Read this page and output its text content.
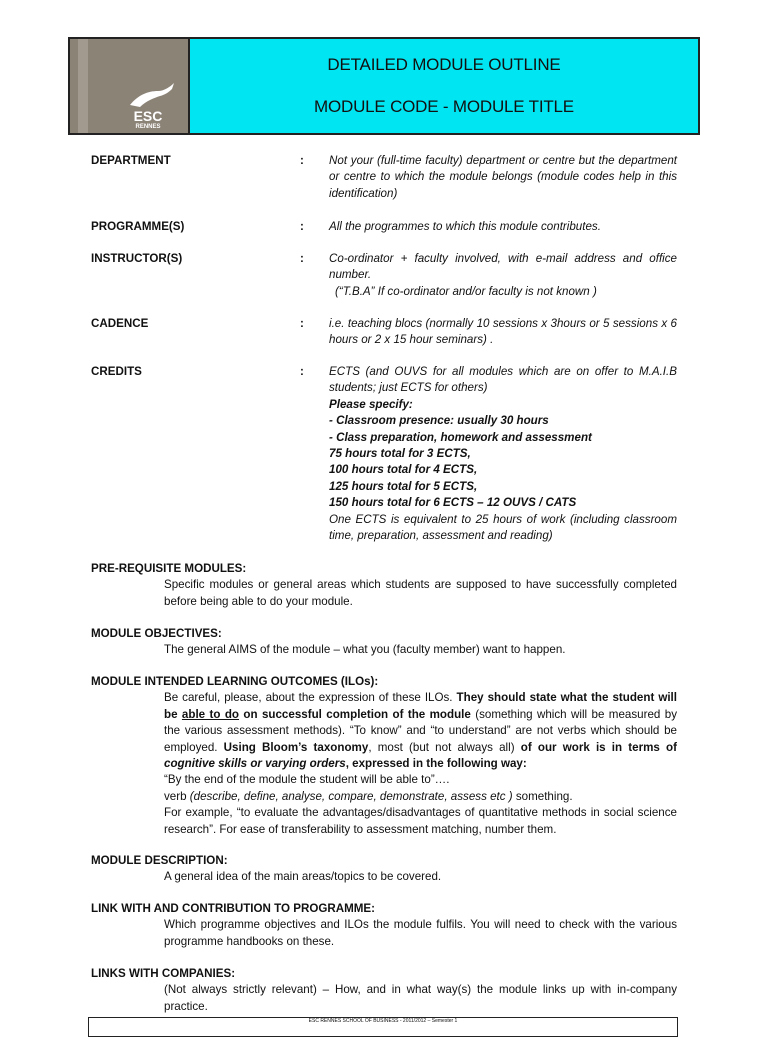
ESC
RENNES
DETAILED MODULE OUTLINE
MODULE CODE - MODULE TITLE
DEPARTMENT	: Not your (full-time faculty) department or centre but the department or centre to which the module belongs (module codes help in this identification)
PROGRAMME(S)	: All the programmes to which this module contributes.
INSTRUCTOR(S)	: Co-ordinator + faculty involved, with e-mail address and office number.
(“T.B.A” If co-ordinator and/or faculty is not known )
CADENCE	: i.e. teaching blocs (normally 10 sessions x 3hours or 5 sessions x 6 hours or 2 x 15 hour seminars) .
CREDITS	: ECTS (and OUVS for all modules which are on offer to M.A.I.B students; just ECTS for others)
Please specify:
- Classroom presence: usually 30 hours
- Class preparation, homework and assessment
75 hours total for 3 ECTS,
100 hours total for 4 ECTS,
125 hours total for 5 ECTS,
150 hours total for 6 ECTS – 12 OUVS / CATS
One ECTS is equivalent to 25 hours of work (including classroom time, preparation, assessment and reading)
PRE-REQUISITE MODULES:
Specific modules or general areas which students are supposed to have successfully completed before being able to do your module.
MODULE OBJECTIVES:
The general AIMS of the module – what you (faculty member) want to happen.
MODULE INTENDED LEARNING OUTCOMES (ILOs):
Be careful, please, about the expression of these ILOs. They should state what the student will be able to do on successful completion of the module (something which will be measured by the various assessment methods). “To know” and “to understand” are not verbs which should be employed. Using Bloom’s taxonomy, most (but not always all) of our work is in terms of cognitive skills or varying orders, expressed in the following way:
“By the end of the module the student will be able to”….
verb (describe, define, analyse, compare, demonstrate, assess etc ) something.
For example, “to evaluate the advantages/disadvantages of quantitative methods in social science research”. For ease of transferability to assessment matching, number them.
MODULE DESCRIPTION:
A general idea of the main areas/topics to be covered.
LINK WITH AND CONTRIBUTION TO PROGRAMME:
Which programme objectives and ILOs the module fulfils. You will need to check with the various programme handbooks on these.
LINKS WITH COMPANIES:
(Not always strictly relevant) – How, and in what way(s) the module links up with in-company practice.
ESC RENNES SCHOOL OF BUSINESS - 2011/2012 – Semester 1
